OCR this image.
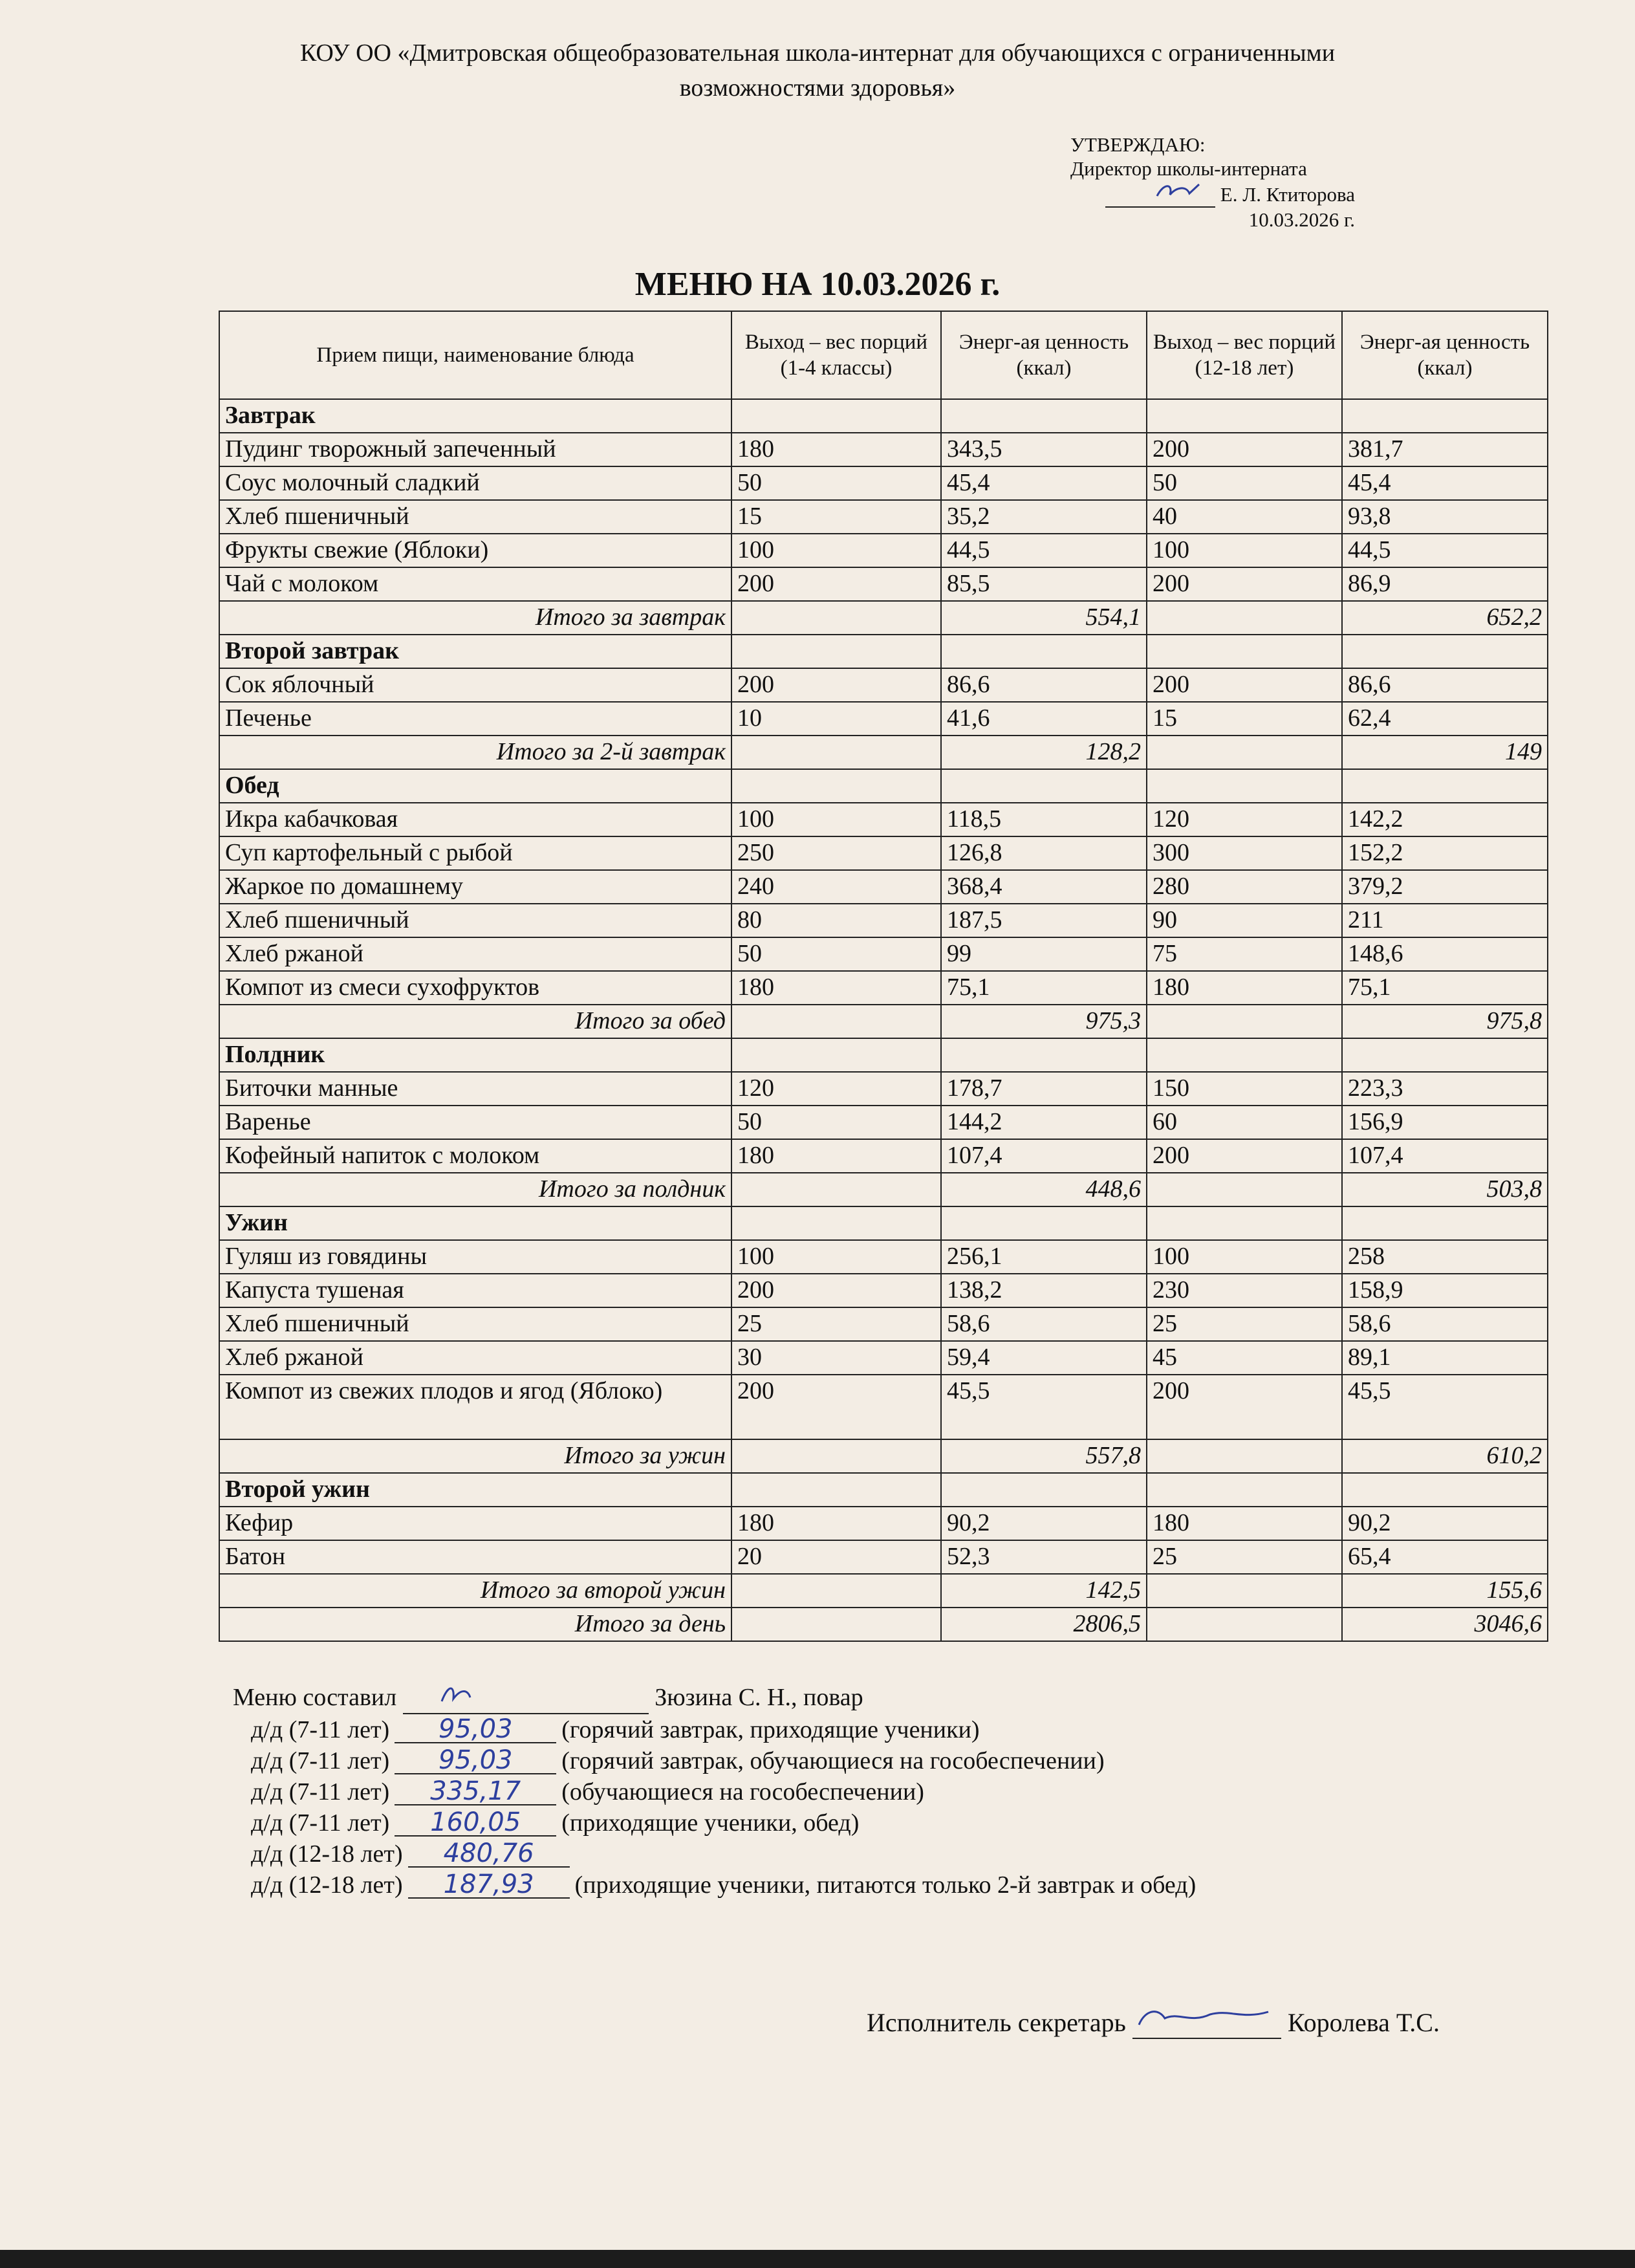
КОУ ОО «Дмитровская общеобразовательная школа-интернат для обучающихся с ограниченными
возможностями здоровья»
УТВЕРЖДАЮ:
Директор школы-интерната
Е. Л. Ктиторова
10.03.2026 г.
МЕНЮ НА 10.03.2026 г.
Прием пищи, наименование блюда	Выход – вес порций (1-4 классы)	Энерг-ая ценность (ккал)	Выход – вес порций (12-18 лет)	Энерг-ая ценность (ккал)
Завтрак				
Пудинг творожный запеченный	180	343,5	200	381,7
Соус молочный сладкий	50	45,4	50	45,4
Хлеб пшеничный	15	35,2	40	93,8
Фрукты свежие (Яблоки)	100	44,5	100	44,5
Чай с молоком	200	85,5	200	86,9
Итого за завтрак		554,1		652,2
Второй завтрак				
Сок яблочный	200	86,6	200	86,6
Печенье	10	41,6	15	62,4
Итого за 2-й завтрак		128,2		149
Обед				
Икра кабачковая	100	118,5	120	142,2
Суп картофельный с рыбой	250	126,8	300	152,2
Жаркое по домашнему	240	368,4	280	379,2
Хлеб пшеничный	80	187,5	90	211
Хлеб ржаной	50	99	75	148,6
Компот из смеси сухофруктов	180	75,1	180	75,1
Итого за обед		975,3		975,8
Полдник				
Биточки манные	120	178,7	150	223,3
Варенье	50	144,2	60	156,9
Кофейный напиток с молоком	180	107,4	200	107,4
Итого за полдник		448,6		503,8
Ужин				
Гуляш из говядины	100	256,1	100	258
Капуста тушеная	200	138,2	230	158,9
Хлеб пшеничный	25	58,6	25	58,6
Хлеб ржаной	30	59,4	45	89,1
Компот из свежих плодов и ягод (Яблоко)	200	45,5	200	45,5
Итого за ужин		557,8		610,2
Второй ужин				
Кефир	180	90,2	180	90,2
Батон	20	52,3	25	65,4
Итого за второй ужин		142,5		155,6
Итого за день		2806,5		3046,6
Меню составил	Зюзина С. Н., повар
д/д (7-11 лет) 95,03 (горячий завтрак, приходящие ученики)
д/д (7-11 лет) 95,03 (горячий завтрак, обучающиеся на гособеспечении)
д/д (7-11 лет) 335,17 (обучающиеся на гособеспечении)
д/д (7-11 лет) 160,05 (приходящие ученики, обед)
д/д (12-18 лет) 480,76
д/д (12-18 лет) 187,93 (приходящие ученики, питаются только 2-й завтрак и обед)
Исполнитель секретарь	Королева Т.С.
